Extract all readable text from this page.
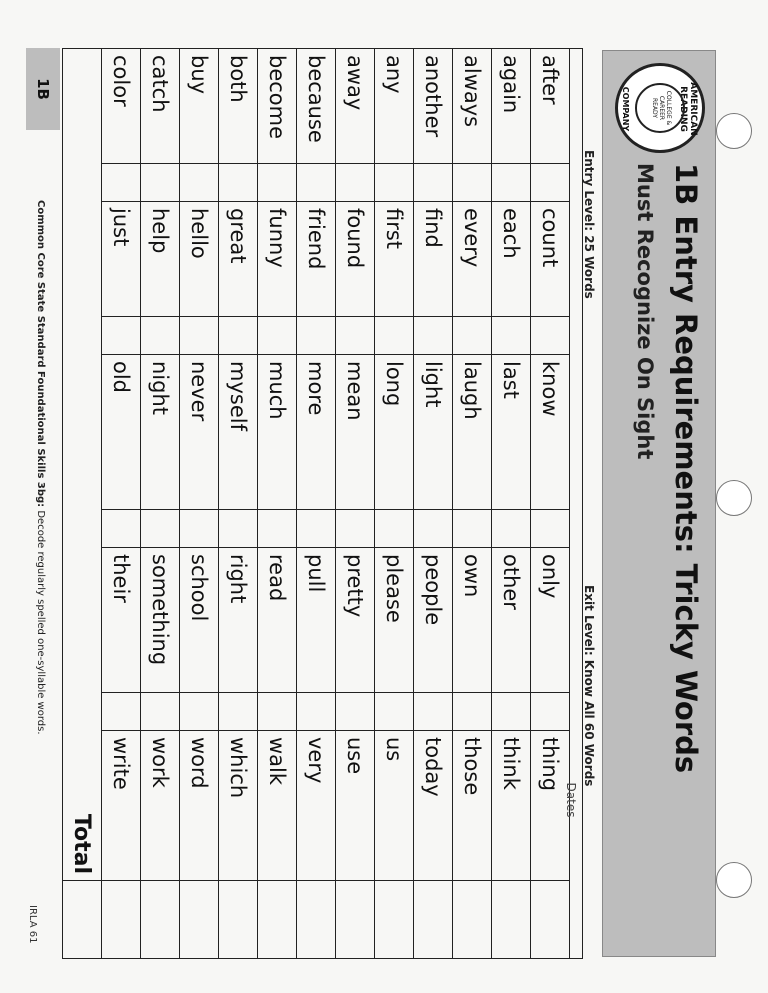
AMERICAN READING
COLLEGE & CAREER READY
COMPANY
1B Entry Requirements: Tricky Words
Must Recognize On Sight
Entry Level: 25 Words
Exit Level: Know All 60 Words

after		count		know		only		thing	
again		each		last		other		think	
always		every		laugh		own		those	
another		find		light		people		today	
any		first		long		please		us	
away		found		mean		pretty		use	
because		friend		more		pull		very	
become		funny		much		read		walk	
both		great		myself		right		which	
buy		hello		never		school		word	
catch		help		night		something		work	
color		just		old		their		write	
Total									
Dates
1B
Common Core State Standard Foundational Skills 3bg: Decode regularly spelled one-syllable words.
IRLA 61
